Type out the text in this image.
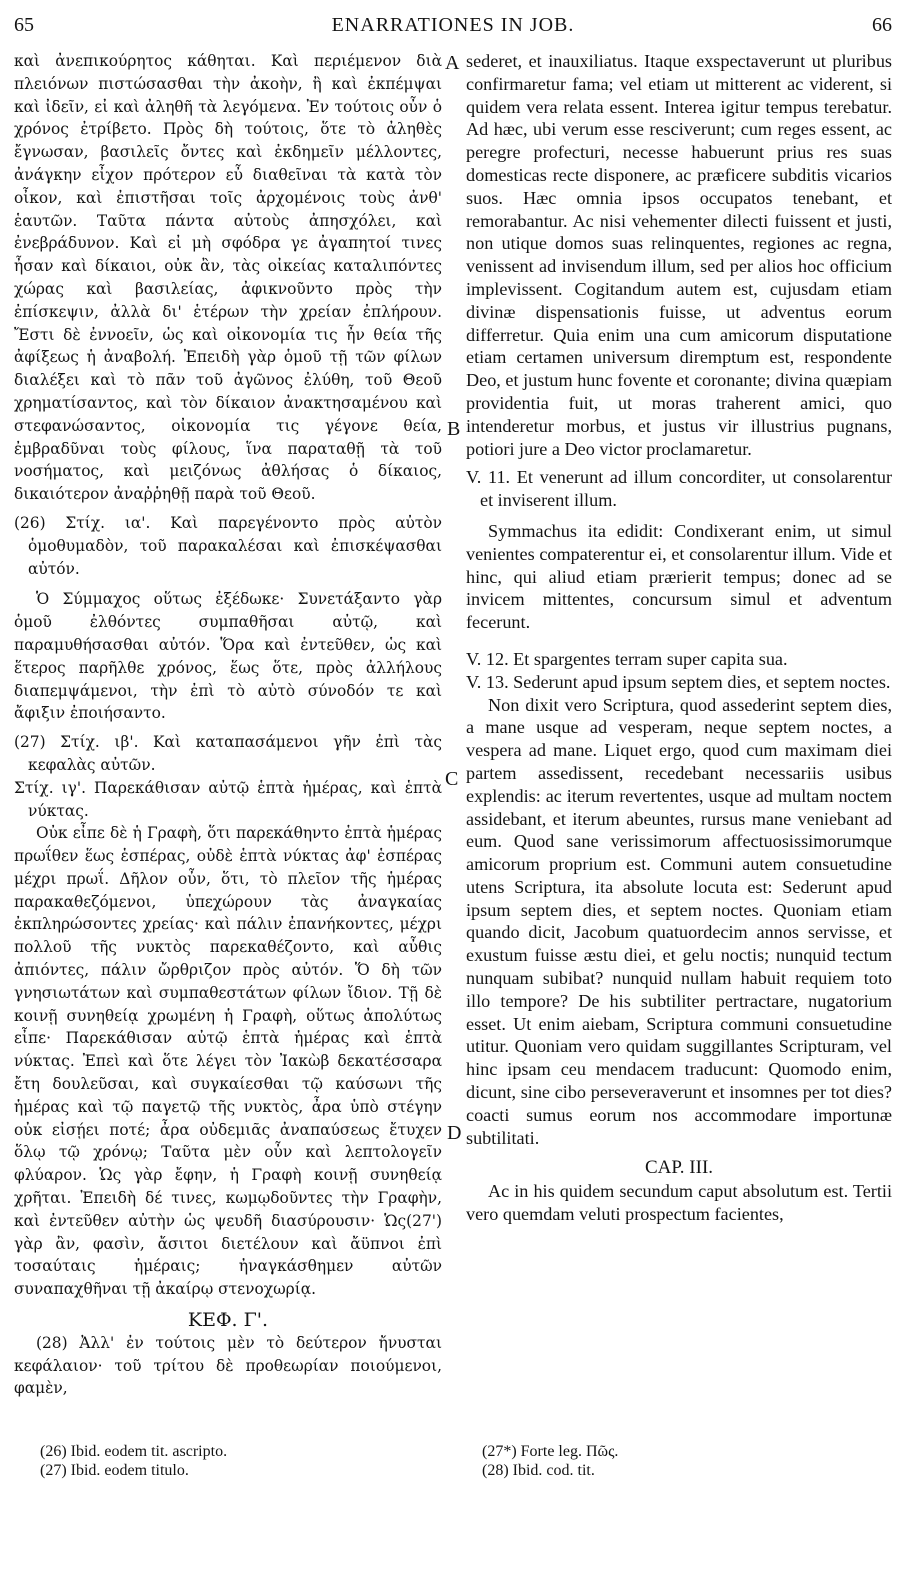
65	ENARRATIONES IN JOB.	66
A
B
C
D

καὶ ἀνεπικούρητος κάθηται. Καὶ περιέμενον διὰ πλειόνων πιστώσασθαι τὴν ἀκοὴν, ἢ καὶ ἐκπέμψαι καὶ ἰδεῖν, εἰ καὶ ἀληθῆ τὰ λεγόμενα. Ἐν τούτοις οὖν ὁ χρόνος ἐτρίβετο. Πρὸς δὴ τούτοις, ὅτε τὸ ἀληθὲς ἔγνωσαν, βασιλεῖς ὄντες καὶ ἐκδημεῖν μέλλοντες, ἀνάγκην εἶχον πρότερον εὖ διαθεῖναι τὰ κατὰ τὸν οἶκον, καὶ ἐπιστῆσαι τοῖς ἀρχομένοις τοὺς ἀνθ' ἑαυτῶν. Ταῦτα πάντα αὐτοὺς ἀπησχόλει, καὶ ἐνεβράδυνον. Καὶ εἰ μὴ σφόδρα γε ἀγαπητοί τινες ἦσαν καὶ δίκαιοι, οὐκ ἂν, τὰς οἰκείας καταλιπόντες χώρας καὶ βασιλείας, ἀφικνοῦντο πρὸς τὴν ἐπίσκεψιν, ἀλλὰ δι' ἑτέρων τὴν χρείαν ἐπλήρουν. Ἔστι δὲ ἐννοεῖν, ὡς καὶ οἰκονομία τις ἦν θεία τῆς ἀφίξεως ἡ ἀναβολή. Ἐπειδὴ γὰρ ὁμοῦ τῇ τῶν φίλων διαλέξει καὶ τὸ πᾶν τοῦ ἀγῶνος ἐλύθη, τοῦ Θεοῦ χρηματίσαντος, καὶ τὸν δίκαιον ἀνακτησαμένου καὶ στεφανώσαντος, οἰκονομία τις γέγονε θεία, ἐμβραδῦναι τοὺς φίλους, ἵνα παραταθῇ τὰ τοῦ νοσήματος, καὶ μειζόνως ἀθλήσας ὁ δίκαιος, δικαιότερον ἀναῤῥηθῇ παρὰ τοῦ Θεοῦ.

(26) Στίχ. ια'. Καὶ παρεγένοντο πρὸς αὐτὸν ὁμοθυμαδὸν, τοῦ παρακαλέσαι καὶ ἐπισκέψασθαι αὐτόν.

Ὁ Σύμμαχος οὕτως ἐξέδωκε· Συνετάξαντο γὰρ ὁμοῦ ἐλθόντες συμπαθῆσαι αὐτῷ, καὶ παραμυθήσασθαι αὐτόν. Ὅρα καὶ ἐντεῦθεν, ὡς καὶ ἕτερος παρῆλθε χρόνος, ἕως ὅτε, πρὸς ἀλλήλους διαπεμψάμενοι, τὴν ἐπὶ τὸ αὐτὸ σύνοδόν τε καὶ ἄφιξιν ἐποιήσαντο.

(27) Στίχ. ιβ'. Καὶ καταπασάμενοι γῆν ἐπὶ τὰς κεφαλὰς αὐτῶν.

Στίχ. ιγ'. Παρεκάθισαν αὐτῷ ἑπτὰ ἡμέρας, καὶ ἑπτὰ νύκτας.

Οὐκ εἶπε δὲ ἡ Γραφὴ, ὅτι παρεκάθηντο ἑπτὰ ἡμέρας πρωΐθεν ἕως ἑσπέρας, οὐδὲ ἑπτὰ νύκτας ἀφ' ἑσπέρας μέχρι πρωΐ. Δῆλον οὖν, ὅτι, τὸ πλεῖον τῆς ἡμέρας παρακαθεζόμενοι, ὑπεχώρουν τὰς ἀναγκαίας ἐκπληρώσοντες χρείας· καὶ πάλιν ἐπανήκοντες, μέχρι πολλοῦ τῆς νυκτὸς παρεκαθέζοντο, καὶ αὖθις ἀπιόντες, πάλιν ὤρθριζον πρὸς αὐτόν. Ὅ δὴ τῶν γνησιωτάτων καὶ συμπαθεστάτων φίλων ἴδιον. Τῇ δὲ κοινῇ συνηθείᾳ χρωμένη ἡ Γραφὴ, οὕτως ἀπολύτως εἶπε· Παρεκάθισαν αὐτῷ ἑπτὰ ἡμέρας καὶ ἑπτὰ νύκτας. Ἐπεὶ καὶ ὅτε λέγει τὸν Ἰακὼβ δεκατέσσαρα ἔτη δουλεῦσαι, καὶ συγκαίεσθαι τῷ καύσωνι τῆς ἡμέρας καὶ τῷ παγετῷ τῆς νυκτὸς, ἆρα ὑπὸ στέγην οὐκ εἰσῄει ποτέ; ἆρα οὐδεμιᾶς ἀναπαύσεως ἔτυχεν ὅλῳ τῷ χρόνῳ; Ταῦτα μὲν οὖν καὶ λεπτολογεῖν φλύαρον. Ὡς γὰρ ἔφην, ἡ Γραφὴ κοινῇ συνηθείᾳ χρῆται. Ἐπειδὴ δέ τινες, κωμῳδοῦντες τὴν Γραφὴν, καὶ ἐντεῦθεν αὐτὴν ὡς ψευδῆ διασύρουσιν· Ὡς(27') γὰρ ἂν, φασὶν, ἄσιτοι διετέλουν καὶ ἄϋπνοι ἐπὶ τοσαύταις ἡμέραις; ἠναγκάσθημεν αὐτῶν συναπαχθῆναι τῇ ἀκαίρῳ στενοχωρίᾳ.

ΚΕΦ. Γ'.

(28) Ἀλλ' ἐν τούτοις μὲν τὸ δεύτερον ἤνυσται κεφάλαιον· τοῦ τρίτου δὲ προθεωρίαν ποιούμενοι, φαμὲν,

sederet, et inauxiliatus. Itaque exspectaverunt ut pluribus confirmaretur fama; vel etiam ut mitterent ac viderent, si quidem vera relata essent. Interea igitur tempus terebatur. Ad hæc, ubi verum esse resciverunt; cum reges essent, ac peregre profecturi, necesse habuerunt prius res suas domesticas recte disponere, ac præficere subditis vicarios suos. Hæc omnia ipsos occupatos tenebant, et remorabantur. Ac nisi vehementer dilecti fuissent et justi, non utique domos suas relinquentes, regiones ac regna, venissent ad invisendum illum, sed per alios hoc officium implevissent. Cogitandum autem est, cujusdam etiam divinæ dispensationis fuisse, ut adventus eorum differretur. Quia enim una cum amicorum disputatione etiam certamen universum diremptum est, respondente Deo, et justum hunc fovente et coronante; divina quæpiam providentia fuit, ut moras traherent amici, quo intenderetur morbus, et justus vir illustrius pugnans, potiori jure a Deo victor proclamaretur.

V. 11. Et venerunt ad illum concorditer, ut consolarentur et inviserent illum.

Symmachus ita edidit: Condixerant enim, ut simul venientes compaterentur ei, et consolarentur illum. Vide et hinc, qui aliud etiam prærierit tempus; donec ad se invicem mittentes, concursum simul et adventum fecerunt.

V. 12. Et spargentes terram super capita sua.

V. 13. Sederunt apud ipsum septem dies, et septem noctes.

Non dixit vero Scriptura, quod assederint septem dies, a mane usque ad vesperam, neque septem noctes, a vespera ad mane. Liquet ergo, quod cum maximam diei partem assedissent, recedebant necessariis usibus explendis: ac iterum revertentes, usque ad multam noctem assidebant, et iterum abeuntes, rursus mane veniebant ad eum. Quod sane verissimorum affectuosissimorumque amicorum proprium est. Communi autem consuetudine utens Scriptura, ita absolute locuta est: Sederunt apud ipsum septem dies, et septem noctes. Quoniam etiam quando dicit, Jacobum quatuordecim annos servisse, et exustum fuisse æstu diei, et gelu noctis; nunquid tectum nunquam subibat? nunquid nullam habuit requiem toto illo tempore? De his subtiliter pertractare, nugatorium esset. Ut enim aiebam, Scriptura communi consuetudine utitur. Quoniam vero quidam suggillantes Scripturam, vel hinc ipsam ceu mendacem traducunt: Quomodo enim, dicunt, sine cibo perseveraverunt et insomnes per tot dies? coacti sumus eorum nos accommodare importunæ subtilitati.

CAP. III.

Ac in his quidem secundum caput absolutum est. Tertii vero quemdam veluti prospectum facientes,

(26) Ibid. eodem tit. ascripto.
(27) Ibid. eodem titulo.
(27*) Forte leg. Πῶς.
(28) Ibid. cod. tit.
